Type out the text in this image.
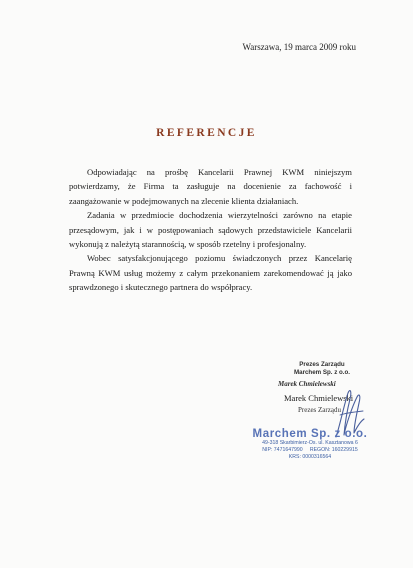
Warszawa, 19 marca 2009 roku
REFERENCJE

Odpowiadając na prośbę Kancelarii Prawnej KWM niniejszym potwierdzamy, że Firma ta zasługuje na docenienie za fachowość i zaangażowanie w podejmowanych na zlecenie klienta działaniach.

Zadania w przedmiocie dochodzenia wierzytelności zarówno na etapie przesądowym, jak i w postępowaniach sądowych przedstawiciele Kancelarii wykonują z należytą starannością, w sposób rzetelny i profesjonalny.

Wobec satysfakcjonującego poziomu świadczonych przez Kancelarię Prawną KWM usług możemy z całym przekonaniem zarekomendować ją jako sprawdzonego i skutecznego partnera do współpracy.

Prezes Zarządu
Marchem Sp. z o.o.
Marek Chmielewski
Marek Chmielewski
Prezes Zarządu
Marchem Sp. z o.o.
49-318 Skarbimierz-Os. ul. Kasztanowa 6
NIP: 7471647990     REGON: 160229915
KRS: 0000316564
